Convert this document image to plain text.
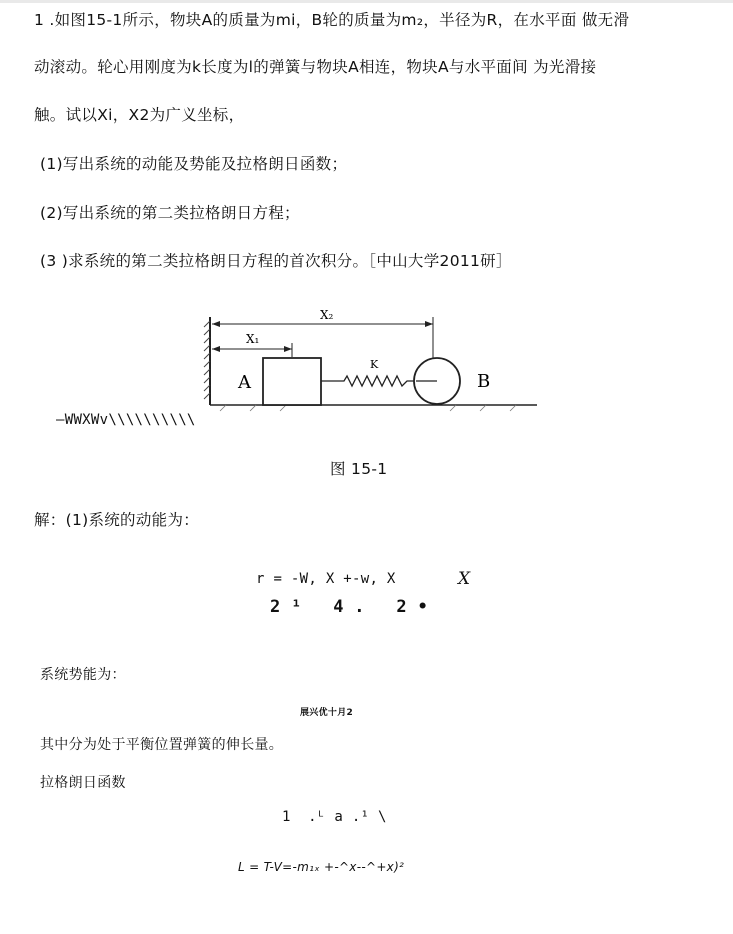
1 .如图15-1所示，物块A的质量为mi，B轮的质量为m₂，半径为R，在水平面 做无滑
动滚动。轮心用刚度为k长度为l的弹簧与物块A相连，物块A与水平面间 为光滑接
触。试以Xi，X2为广义坐标，
(1)写出系统的动能及势能及拉格朗日函数；
(2)写出系统的第二类拉格朗日方程；
(3 )求系统的第二类拉格朗日方程的首次积分。［中山大学2011研］
X₂
X₁
A
K
B
—WWXWv\\\\\\\\\\
图 15-1
解：(1)系统的动能为：
r = -W, X +-w, X	X
2 ¹   4 .   2 •
系统势能为：
展兴优十月2
其中分为处于平衡位置弹簧的伸长量。
拉格朗日函数
1  .ᴸ a .¹ \
L = T-V=-m₁ₓ +-^x--^+x)²
